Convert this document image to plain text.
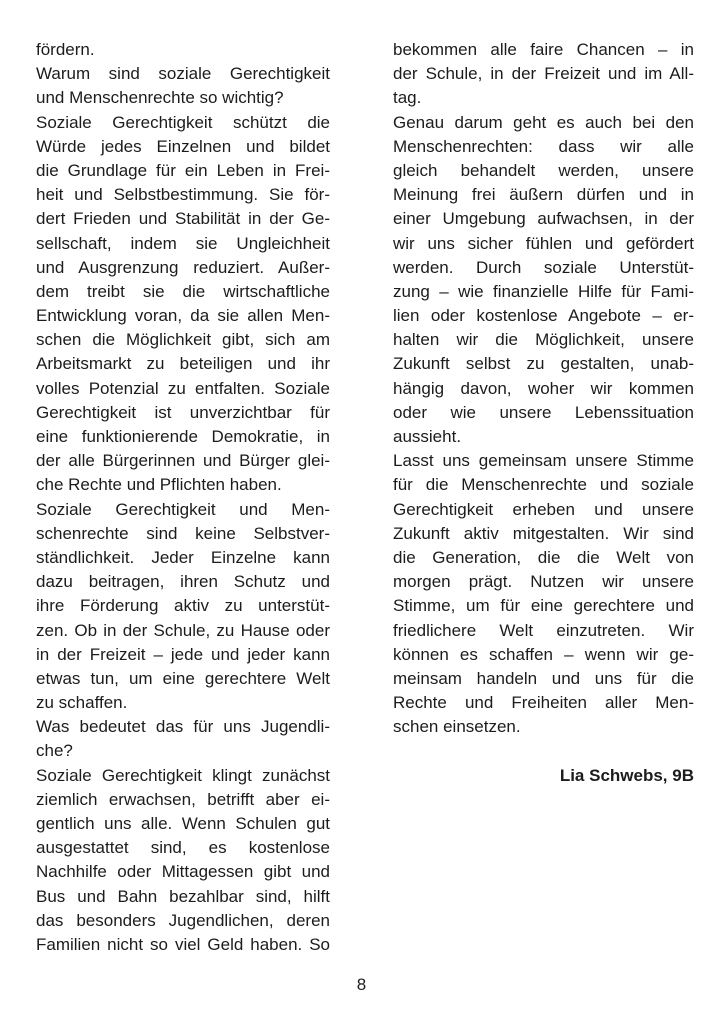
fördern.
Warum sind soziale Gerechtigkeit
und Menschenrechte so wichtig?
Soziale Gerechtigkeit schützt die
Würde jedes Einzelnen und bildet
die Grundlage für ein Leben in Frei-
heit und Selbstbestimmung. Sie för-
dert Frieden und Stabilität in der Ge-
sellschaft, indem sie Ungleichheit
und Ausgrenzung reduziert. Außer-
dem treibt sie die wirtschaftliche
Entwicklung voran, da sie allen Men-
schen die Möglichkeit gibt, sich am
Arbeitsmarkt zu beteiligen und ihr
volles Potenzial zu entfalten. Soziale
Gerechtigkeit ist unverzichtbar für
eine funktionierende Demokratie, in
der alle Bürgerinnen und Bürger glei-
che Rechte und Pflichten haben.
Soziale Gerechtigkeit und Men-
schenrechte sind keine Selbstver-
ständlichkeit. Jeder Einzelne kann
dazu beitragen, ihren Schutz und
ihre Förderung aktiv zu unterstüt-
zen. Ob in der Schule, zu Hause oder
in der Freizeit – jede und jeder kann
etwas tun, um eine gerechtere Welt
zu schaffen.
Was bedeutet das für uns Jugendli-
che?
Soziale Gerechtigkeit klingt zunächst
ziemlich erwachsen, betrifft aber ei-
gentlich uns alle. Wenn Schulen gut
ausgestattet sind, es kostenlose
Nachhilfe oder Mittagessen gibt und
Bus und Bahn bezahlbar sind, hilft
das besonders Jugendlichen, deren
Familien nicht so viel Geld haben. So
bekommen alle faire Chancen – in
der Schule, in der Freizeit und im All-
tag.
Genau darum geht es auch bei den
Menschenrechten: dass wir alle
gleich behandelt werden, unsere
Meinung frei äußern dürfen und in
einer Umgebung aufwachsen, in der
wir uns sicher fühlen und gefördert
werden. Durch soziale Unterstüt-
zung – wie finanzielle Hilfe für Fami-
lien oder kostenlose Angebote – er-
halten wir die Möglichkeit, unsere
Zukunft selbst zu gestalten, unab-
hängig davon, woher wir kommen
oder wie unsere Lebenssituation
aussieht.
Lasst uns gemeinsam unsere Stimme
für die Menschenrechte und soziale
Gerechtigkeit erheben und unsere
Zukunft aktiv mitgestalten. Wir sind
die Generation, die die Welt von
morgen prägt. Nutzen wir unsere
Stimme, um für eine gerechtere und
friedlichere Welt einzutreten. Wir
können es schaffen – wenn wir ge-
meinsam handeln und uns für die
Rechte und Freiheiten aller Men-
schen einsetzen.
Lia Schwebs, 9B
8
